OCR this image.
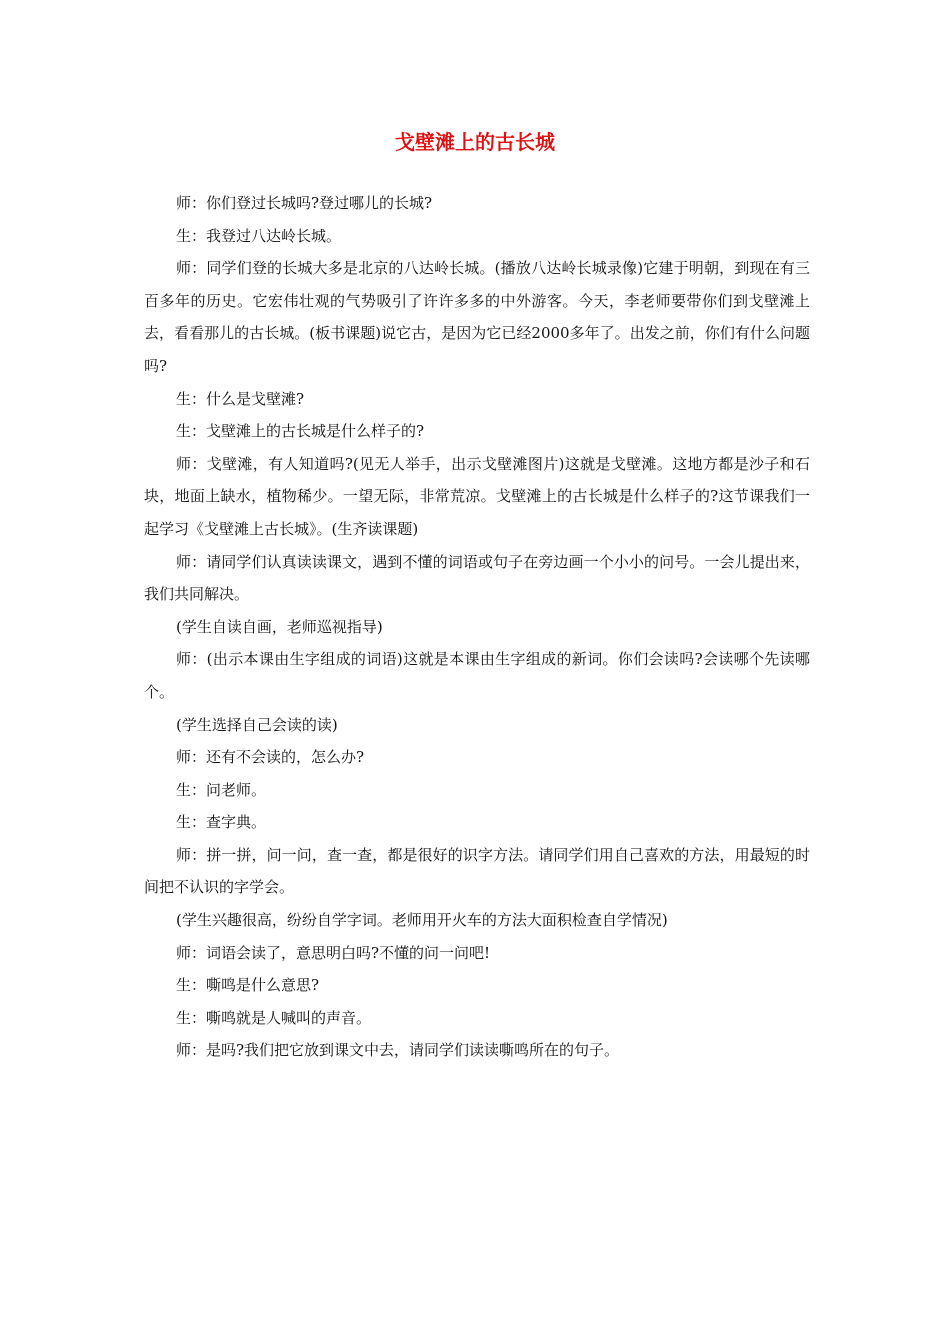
戈壁滩上的古长城

师：你们登过长城吗?登过哪儿的长城?

生：我登过八达岭长城。

师：同学们登的长城大多是北京的八达岭长城。(播放八达岭长城录像)它建于明朝，到现在有三百多年的历史。它宏伟壮观的气势吸引了许许多多的中外游客。今天，李老师要带你们到戈壁滩上去，看看那儿的古长城。(板书课题)说它古，是因为它已经2000多年了。出发之前，你们有什么问题吗?

生：什么是戈壁滩?

生：戈壁滩上的古长城是什么样子的?

师：戈壁滩，有人知道吗?(见无人举手，出示戈壁滩图片)这就是戈壁滩。这地方都是沙子和石块，地面上缺水，植物稀少。一望无际，非常荒凉。戈壁滩上的古长城是什么样子的?这节课我们一起学习《戈壁滩上古长城》。(生齐读课题)

师：请同学们认真读读课文，遇到不懂的词语或句子在旁边画一个小小的问号。一会儿提出来，我们共同解决。

(学生自读自画，老师巡视指导)

师：(出示本课由生字组成的词语)这就是本课由生字组成的新词。你们会读吗?会读哪个先读哪个。

(学生选择自己会读的读)

师：还有不会读的，怎么办?

生：问老师。

生：查字典。

师：拼一拼，问一问，查一查，都是很好的识字方法。请同学们用自己喜欢的方法，用最短的时间把不认识的字学会。

(学生兴趣很高，纷纷自学字词。老师用开火车的方法大面积检查自学情况)

师：词语会读了，意思明白吗?不懂的问一问吧!

生：嘶鸣是什么意思?

生：嘶鸣就是人喊叫的声音。

师：是吗?我们把它放到课文中去，请同学们读读嘶鸣所在的句子。
